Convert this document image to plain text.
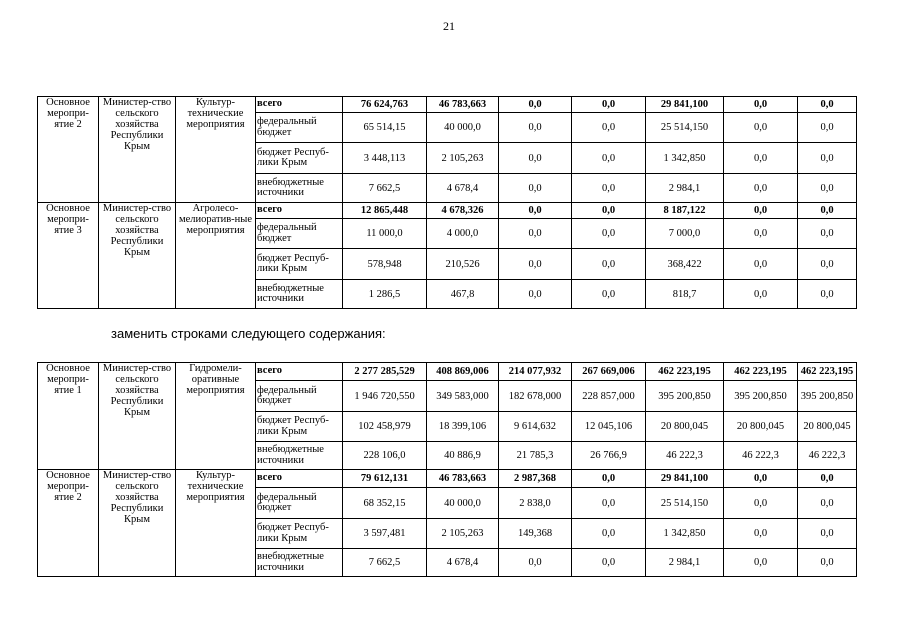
21
Основное меропри-ятие 2	Министер-ство сельского хозяйства Республики Крым	Культур-технические мероприятия	всего	76 624,763	46 783,663	0,0	0,0	29 841,100	0,0	0,0
			федеральный бюджет	65 514,15	40 000,0	0,0	0,0	25 514,150	0,0	0,0
			бюджет Респуб-лики Крым	3 448,113	2 105,263	0,0	0,0	1 342,850	0,0	0,0
			внебюджетные источники	7 662,5	4 678,4	0,0	0,0	2 984,1	0,0	0,0
Основное меропри-ятие 3	Министер-ство сельского хозяйства Республики Крым	Агролесо-мелиоратив-ные мероприятия	всего	12 865,448	4 678,326	0,0	0,0	8 187,122	0,0	0,0
			федеральный бюджет	11 000,0	4 000,0	0,0	0,0	7 000,0	0,0	0,0
			бюджет Респуб-лики Крым	578,948	210,526	0,0	0,0	368,422	0,0	0,0
			внебюджетные источники	1 286,5	467,8	0,0	0,0	818,7	0,0	0,0
заменить строками следующего содержания:
Основное меропри-ятие 1	Министер-ство сельского хозяйства Республики Крым	Гидромели-оративные мероприятия	всего	2 277 285,529	408 869,006	214 077,932	267 669,006	462 223,195	462 223,195	462 223,195
			федеральный бюджет	1 946 720,550	349 583,000	182 678,000	228 857,000	395 200,850	395 200,850	395 200,850
			бюджет Респуб-лики Крым	102 458,979	18 399,106	9 614,632	12 045,106	20 800,045	20 800,045	20 800,045
			внебюджетные источники	228 106,0	40 886,9	21 785,3	26 766,9	46 222,3	46 222,3	46 222,3
Основное меропри-ятие 2	Министер-ство сельского хозяйства Республики Крым	Культур-технические мероприятия	всего	79 612,131	46 783,663	2 987,368	0,0	29 841,100	0,0	0,0
			федеральный бюджет	68 352,15	40 000,0	2 838,0	0,0	25 514,150	0,0	0,0
			бюджет Респуб-лики Крым	3 597,481	2 105,263	149,368	0,0	1 342,850	0,0	0,0
			внебюджетные источники	7 662,5	4 678,4	0,0	0,0	2 984,1	0,0	0,0
